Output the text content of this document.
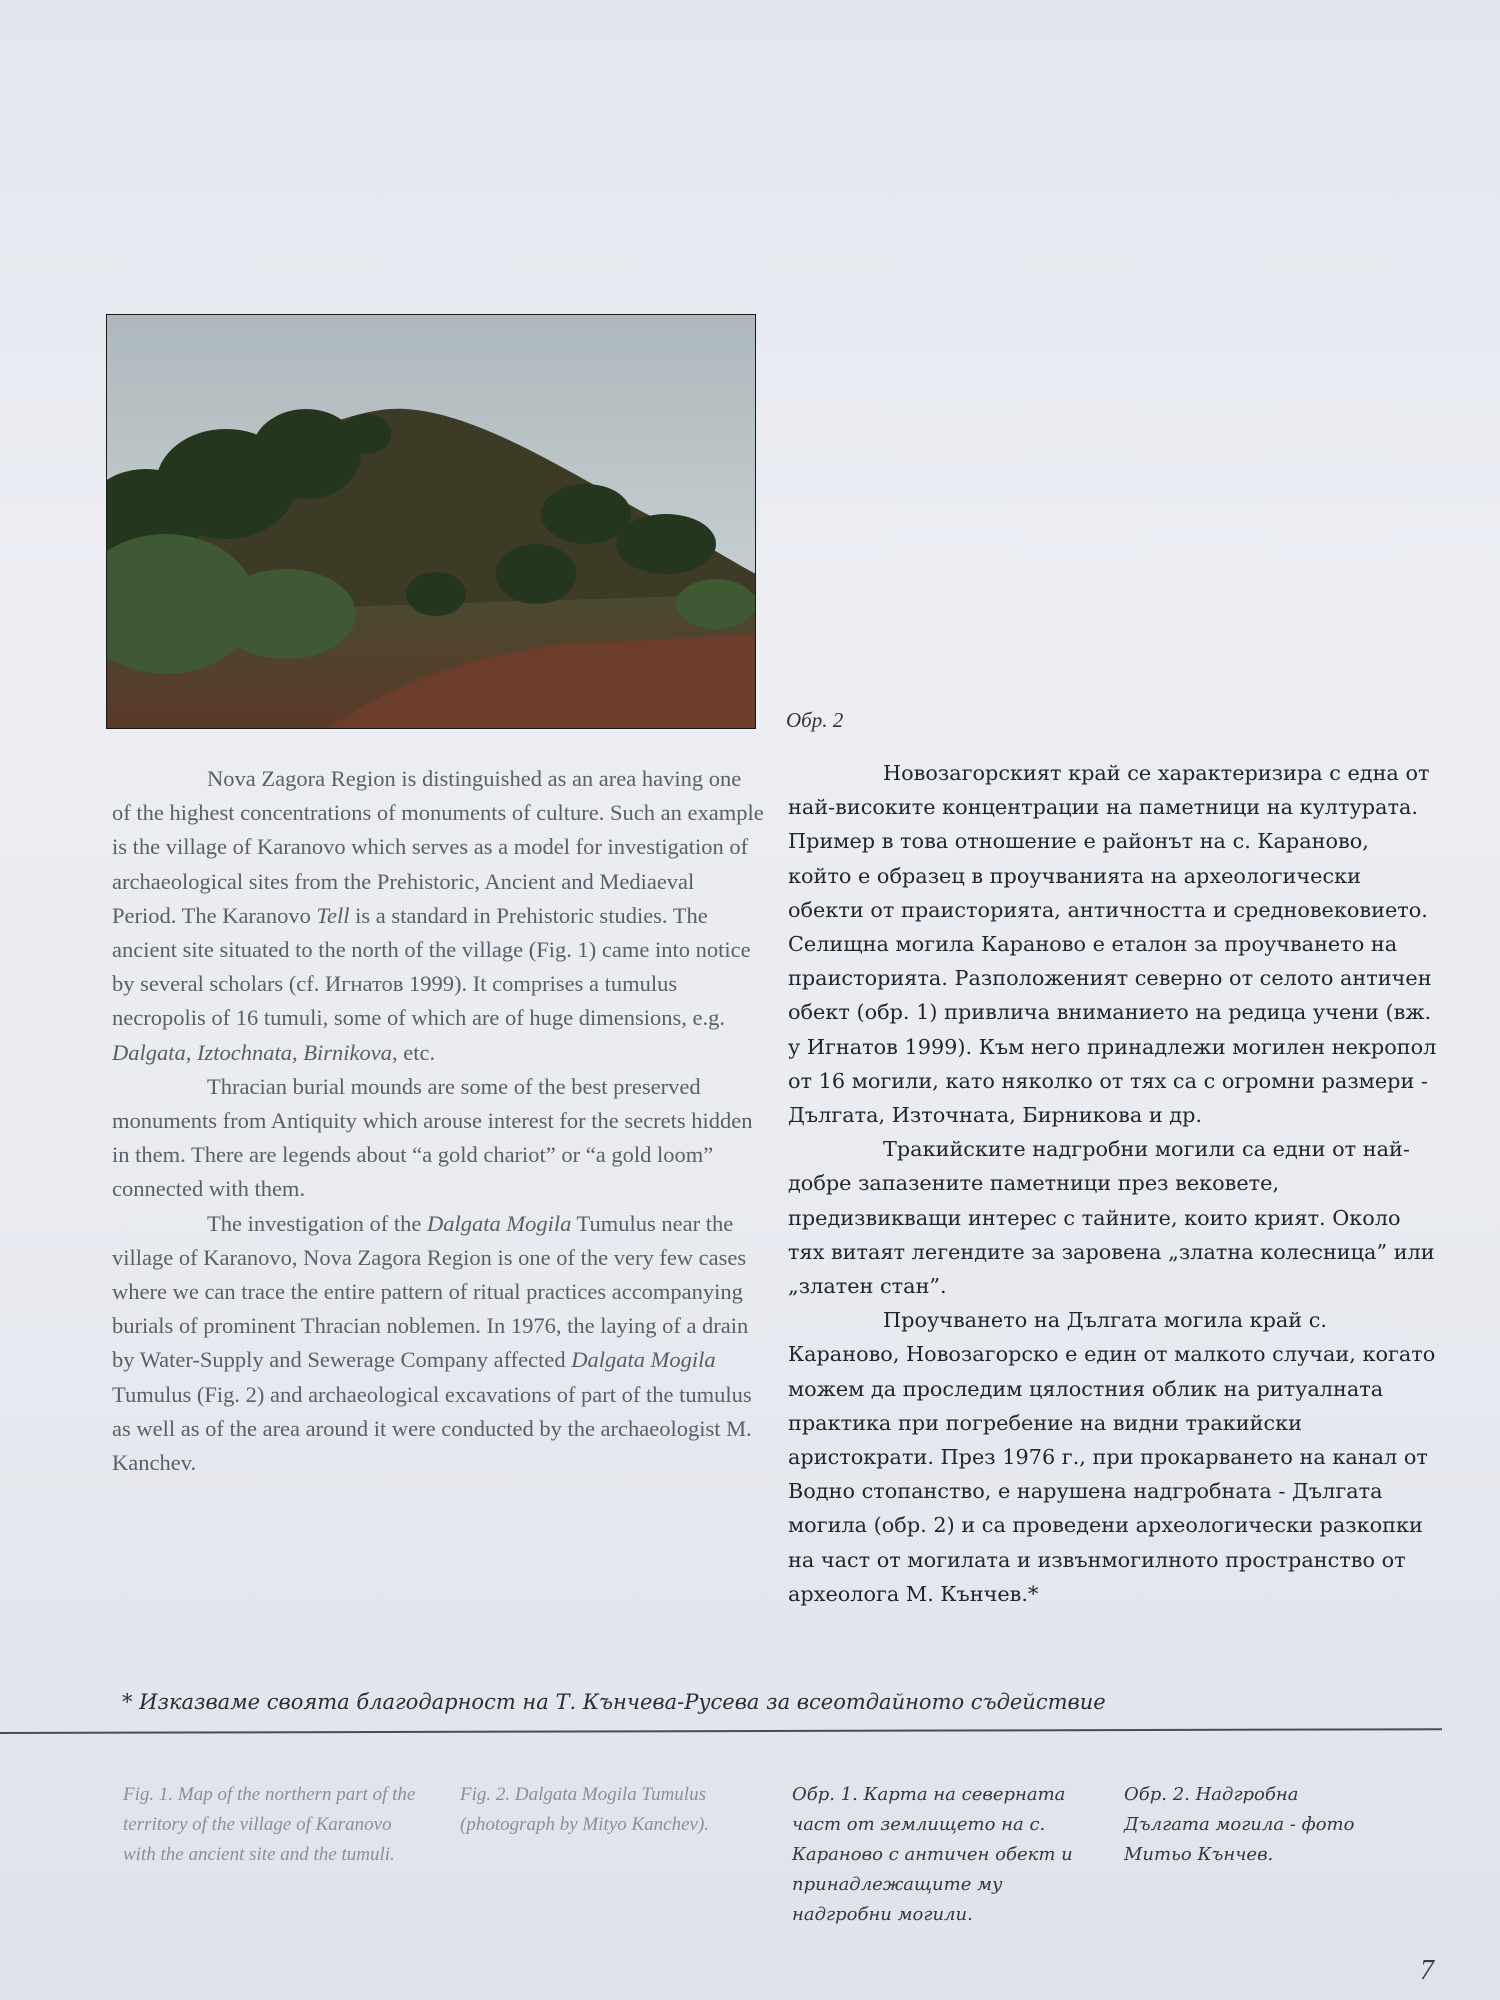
Обр. 2

Nova Zagora Region is distinguished as an area having one of the highest concentrations of monuments of culture. Such an example is the village of Karanovo which serves as a model for investigation of archaeological sites from the Prehistoric, Ancient and Mediaeval Period. The Karanovo Tell is a standard in Prehistoric studies. The ancient site situated to the north of the village (Fig. 1) came into notice by several scholars (cf. Игнатов 1999). It comprises a tumulus necropolis of 16 tumuli, some of which are of huge dimensions, e.g. Dalgata, Iztochnata, Birnikova, etc.

Thracian burial mounds are some of the best preserved monuments from Antiquity which arouse interest for the secrets hidden in them. There are legends about “a gold chariot” or “a gold loom” connected with them.

The investigation of the Dalgata Mogila Tumulus near the village of Karanovo, Nova Zagora Region is one of the very few cases where we can trace the entire pattern of ritual practices accompanying burials of prominent Thracian noblemen. In 1976, the laying of a drain by Water-Supply and Sewerage Company affected Dalgata Mogila Tumulus (Fig. 2) and archaeological excavations of part of the tumulus as well as of the area around it were conducted by the archaeologist M. Kanchev.

Новозагорският край се характеризира с една от най-високите концентрации на паметници на културата. Пример в това отношение е районът на с. Караново, който е образец в проучванията на археологически обекти от праисторията, античността и средновековието. Селищна могила Караново е еталон за проучването на праисторията. Разположеният северно от селото античен обект (обр. 1) привлича вниманието на редица учени (вж. у Игнатов 1999). Към него принадлежи могилен некропол от 16 могили, като няколко от тях са с огромни размери - Дългата, Източната, Бирникова и др.

Тракийските надгробни могили са едни от най-добре запазените паметници през вековете, предизвикващи интерес с тайните, които крият. Около тях витаят легендите за заровена „златна колесница” или „златен стан”.

Проучването на Дългата могила край с. Караново, Новозагорско е един от малкото случаи, когато можем да проследим цялостния облик на ритуалната практика при погребение на видни тракийски аристократи. През 1976 г., при прокарването на канал от Водно стопанство, е нарушена надгробната - Дългата могила (обр. 2) и са проведени археологически разкопки на част от могилата и извънмогилното пространство от археолога М. Кънчев.*

* Изказваме своята благодарност на Т. Кънчева-Русева за всеотдайното съдействие
Fig. 1. Map of the northern part of the territory of the village of Karanovo with the ancient site and the tumuli.
Fig. 2. Dalgata Mogila Tumulus (photograph by Mityo Kanchev).
Обр. 1. Карта на северната част от землището на с. Караново с античен обект и принадлежащите му надгробни могили.
Обр. 2. Надгробна Дългата могила - фото Митьо Кънчев.
7
